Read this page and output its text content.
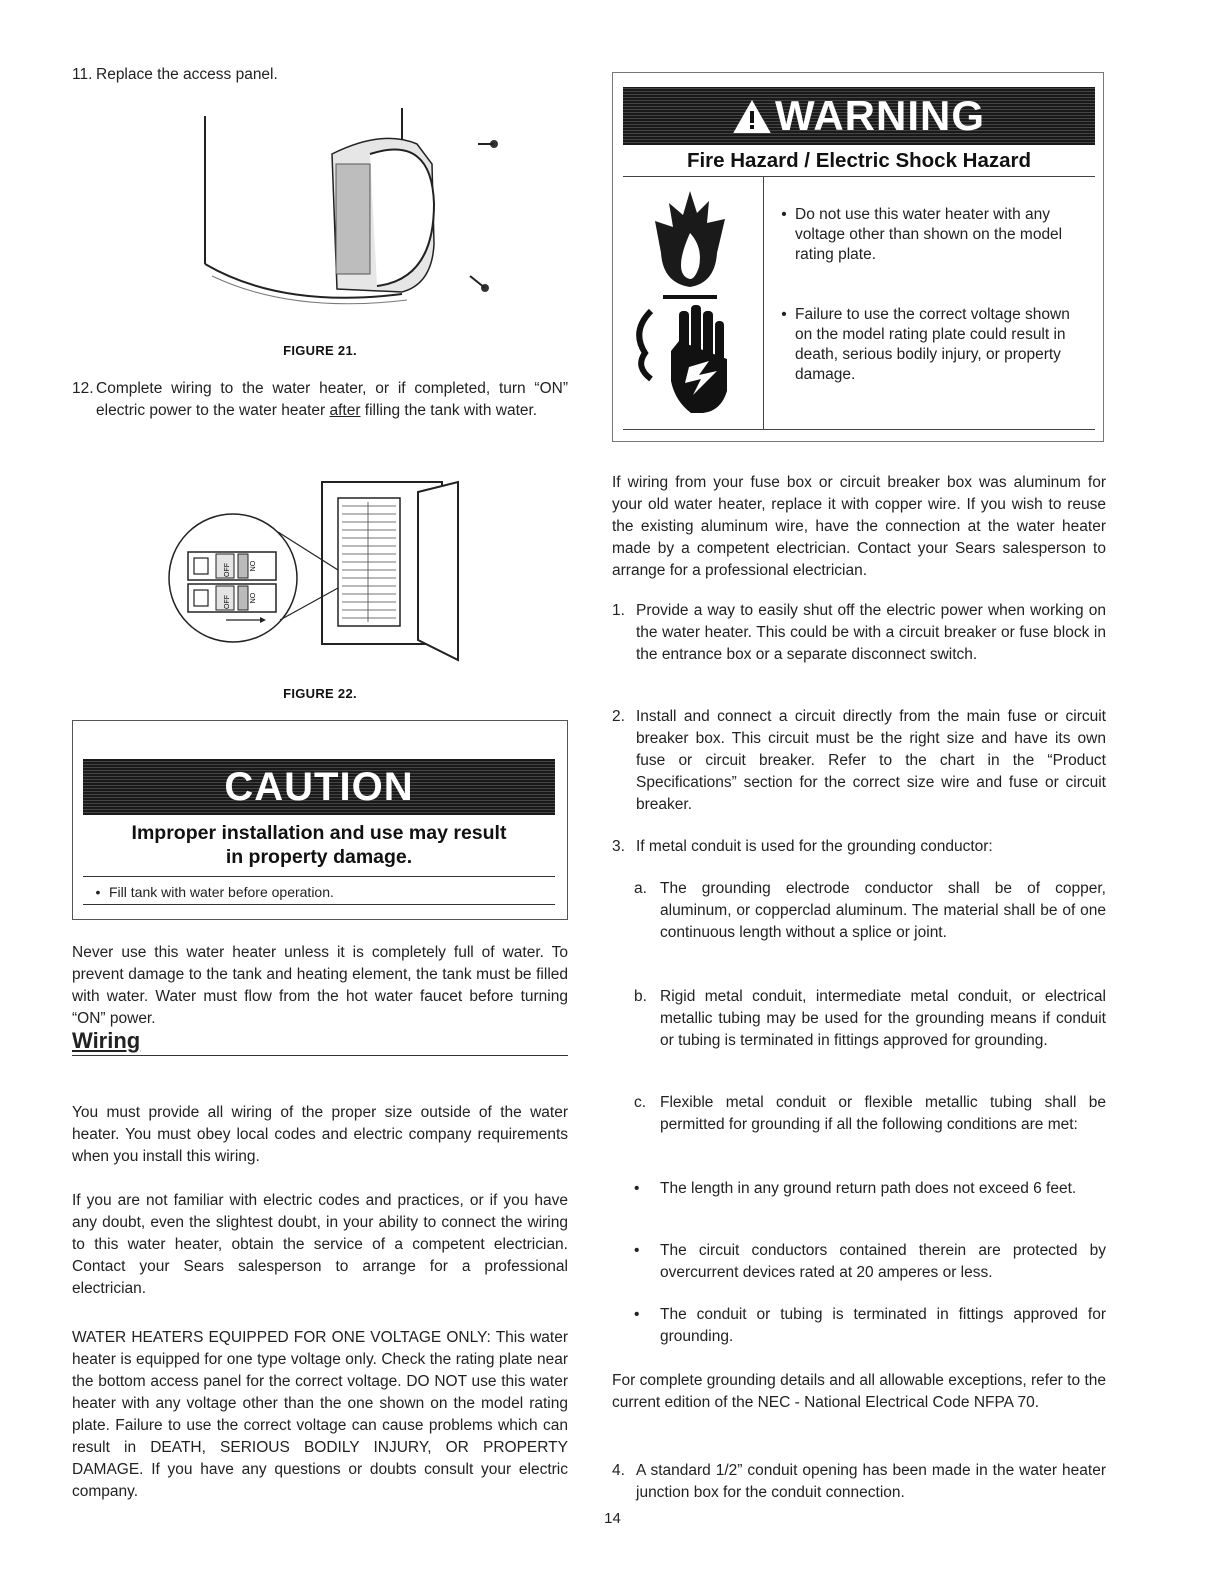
11. Replace the access panel.
FIGURE 21.
12. Complete wiring to the water heater, or if completed, turn “ON” electric power to the water heater after filling the tank with water.
OFF ON
OFF ON
FIGURE 22.
CAUTION
Improper installation and use may result
in property damage.
• Fill tank with water before operation.

Never use this water heater unless it is completely full of water. To prevent damage to the tank and heating element, the tank must be filled with water. Water must flow from the hot water faucet before turning “ON” power.

Wiring

You must provide all wiring of the proper size outside of the water heater. You must obey local codes and electric company requirements when you install this wiring.

If you are not familiar with electric codes and practices, or if you have any doubt, even the slightest doubt, in your ability to connect the wiring to this water heater, obtain the service of a competent electrician. Contact your Sears salesperson to arrange for a professional electrician.

WATER HEATERS EQUIPPED FOR ONE VOLTAGE ONLY: This water heater is equipped for one type voltage only. Check the rating plate near the bottom access panel for the correct voltage. DO NOT use this water heater with any voltage other than the one shown on the model rating plate. Failure to use the correct voltage can cause problems which can result in DEATH, SERIOUS BODILY INJURY, OR PROPERTY DAMAGE. If you have any questions or doubts consult your electric company.

WARNING
Fire Hazard / Electric Shock Hazard
• Do not use this water heater with any voltage other than shown on the model rating plate.
• Failure to use the correct voltage shown on the model rating plate could result in death, serious bodily injury, or property damage.

If wiring from your fuse box or circuit breaker box was aluminum for your old water heater, replace it with copper wire. If you wish to reuse the existing aluminum wire, have the connection at the water heater made by a competent electrician. Contact your Sears salesperson to arrange for a professional electrician.

1. Provide a way to easily shut off the electric power when working on the water heater. This could be with a circuit breaker or fuse block in the entrance box or a separate disconnect switch.
2. Install and connect a circuit directly from the main fuse or circuit breaker box. This circuit must be the right size and have its own fuse or circuit breaker. Refer to the chart in the “Product Specifications” section for the correct size wire and fuse or circuit breaker.
3. If metal conduit is used for the grounding conductor:
a. The grounding electrode conductor shall be of copper, aluminum, or copperclad aluminum. The material shall be of one continuous length without a splice or joint.
b. Rigid metal conduit, intermediate metal conduit, or electrical metallic tubing may be used for the grounding means if conduit or tubing is terminated in fittings approved for grounding.
c. Flexible metal conduit or flexible metallic tubing shall be permitted for grounding if all the following conditions are met:
•	The length in any ground return path does not exceed 6 feet.
•	The circuit conductors contained therein are protected by overcurrent devices rated at 20 amperes or less.
•	The conduit or tubing is terminated in fittings approved for grounding.

For complete grounding details and all allowable exceptions, refer to the current edition of the NEC - National Electrical Code NFPA 70.

4. A standard 1/2” conduit opening has been made in the water heater junction box for the conduit connection.
14
